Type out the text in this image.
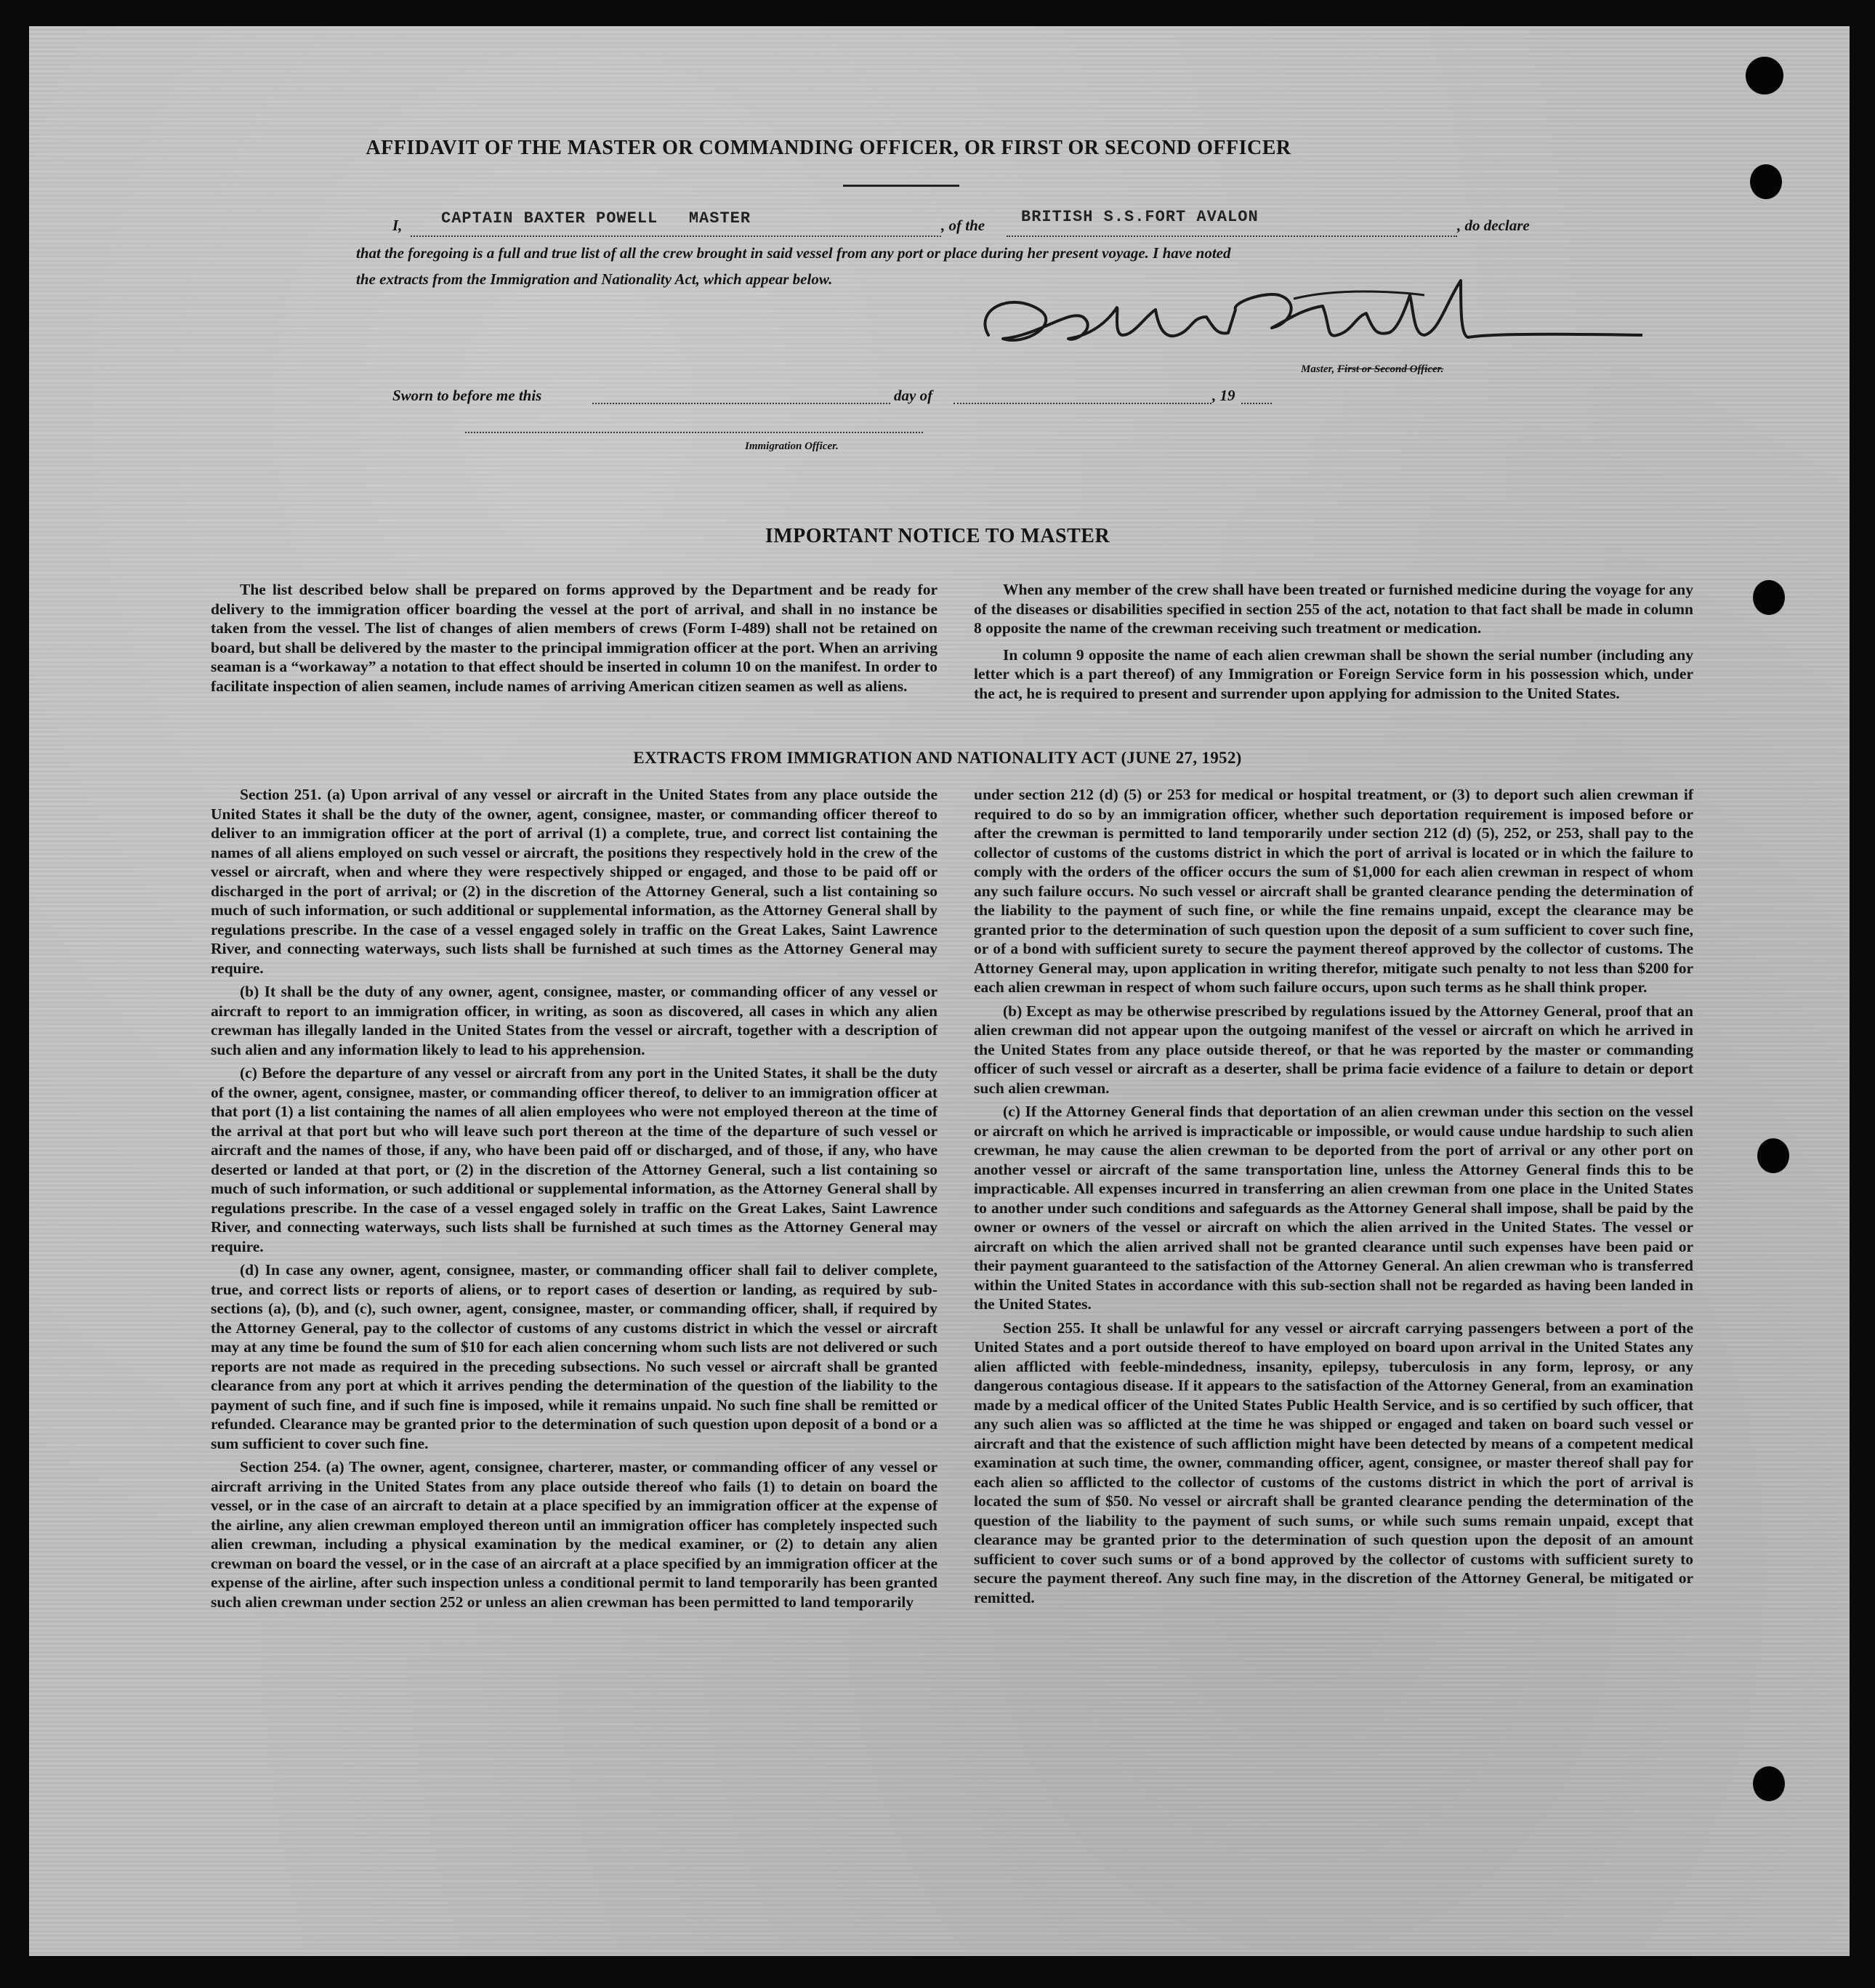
AFFIDAVIT OF THE MASTER OR COMMANDING OFFICER, OR FIRST OR SECOND OFFICER
I, CAPTAIN BAXTER POWELL   MASTER	, of the BRITISH S.S.FORT AVALON	, do declare
that the foregoing is a full and true list of all the crew brought in said vessel from any port or place during her present voyage. I have noted
the extracts from the Immigration and Nationality Act, which appear below.
Master, First or Second Officer.
Sworn to before me this	day of	, 19
Immigration Officer.
IMPORTANT NOTICE TO MASTER

The list described below shall be prepared on forms approved by the Department and be ready for delivery to the immigration officer boarding the vessel at the port of arrival, and shall in no instance be taken from the vessel. The list of changes of alien members of crews (Form I-489) shall not be retained on board, but shall be delivered by the master to the principal immigration officer at the port. When an arriving seaman is a “workaway” a notation to that effect should be inserted in column 10 on the manifest. In order to facilitate inspection of alien seamen, include names of arriving American citizen seamen as well as aliens.

When any member of the crew shall have been treated or furnished medicine during the voyage for any of the diseases or disabilities specified in section 255 of the act, notation to that fact shall be made in column 8 opposite the name of the crewman receiving such treatment or medication.

In column 9 opposite the name of each alien crewman shall be shown the serial number (including any letter which is a part thereof) of any Immigration or Foreign Service form in his possession which, under the act, he is required to present and surrender upon applying for admission to the United States.

EXTRACTS FROM IMMIGRATION AND NATIONALITY ACT (JUNE 27, 1952)

Section 251. (a) Upon arrival of any vessel or aircraft in the United States from any place outside the United States it shall be the duty of the owner, agent, consignee, master, or commanding officer thereof to deliver to an immigration officer at the port of arrival (1) a complete, true, and correct list containing the names of all aliens employed on such vessel or aircraft, the positions they respectively hold in the crew of the vessel or aircraft, when and where they were respectively shipped or engaged, and those to be paid off or discharged in the port of arrival; or (2) in the discretion of the Attorney General, such a list containing so much of such information, or such additional or supplemental information, as the Attorney General shall by regulations prescribe. In the case of a vessel engaged solely in traffic on the Great Lakes, Saint Lawrence River, and connecting waterways, such lists shall be furnished at such times as the Attorney General may require.

(b) It shall be the duty of any owner, agent, consignee, master, or commanding officer of any vessel or aircraft to report to an immigration officer, in writing, as soon as discovered, all cases in which any alien crewman has illegally landed in the United States from the vessel or aircraft, together with a description of such alien and any information likely to lead to his apprehension.

(c) Before the departure of any vessel or aircraft from any port in the United States, it shall be the duty of the owner, agent, consignee, master, or commanding officer thereof, to deliver to an immigration officer at that port (1) a list containing the names of all alien employees who were not employed thereon at the time of the arrival at that port but who will leave such port thereon at the time of the departure of such vessel or aircraft and the names of those, if any, who have been paid off or discharged, and of those, if any, who have deserted or landed at that port, or (2) in the discretion of the Attorney General, such a list containing so much of such information, or such additional or supplemental information, as the Attorney General shall by regulations prescribe. In the case of a vessel engaged solely in traffic on the Great Lakes, Saint Lawrence River, and connecting waterways, such lists shall be furnished at such times as the Attorney General may require.

(d) In case any owner, agent, consignee, master, or commanding officer shall fail to deliver complete, true, and correct lists or reports of aliens, or to report cases of desertion or landing, as required by sub-sections (a), (b), and (c), such owner, agent, consignee, master, or commanding officer, shall, if required by the Attorney General, pay to the collector of customs of any customs district in which the vessel or aircraft may at any time be found the sum of $10 for each alien concerning whom such lists are not delivered or such reports are not made as required in the preceding subsections. No such vessel or aircraft shall be granted clearance from any port at which it arrives pending the determination of the question of the liability to the payment of such fine, and if such fine is imposed, while it remains unpaid. No such fine shall be remitted or refunded. Clearance may be granted prior to the determination of such question upon deposit of a bond or a sum sufficient to cover such fine.

Section 254. (a) The owner, agent, consignee, charterer, master, or commanding officer of any vessel or aircraft arriving in the United States from any place outside thereof who fails (1) to detain on board the vessel, or in the case of an aircraft to detain at a place specified by an immigration officer at the expense of the airline, any alien crewman employed thereon until an immigration officer has completely inspected such alien crewman, including a physical examination by the medical examiner, or (2) to detain any alien crewman on board the vessel, or in the case of an aircraft at a place specified by an immigration officer at the expense of the airline, after such inspection unless a conditional permit to land temporarily has been granted such alien crewman under section 252 or unless an alien crewman has been permitted to land temporarily

under section 212 (d) (5) or 253 for medical or hospital treatment, or (3) to deport such alien crewman if required to do so by an immigration officer, whether such deportation requirement is imposed before or after the crewman is permitted to land temporarily under section 212 (d) (5), 252, or 253, shall pay to the collector of customs of the customs district in which the port of arrival is located or in which the failure to comply with the orders of the officer occurs the sum of $1,000 for each alien crewman in respect of whom any such failure occurs. No such vessel or aircraft shall be granted clearance pending the determination of the liability to the payment of such fine, or while the fine remains unpaid, except the clearance may be granted prior to the determination of such question upon the deposit of a sum sufficient to cover such fine, or of a bond with sufficient surety to secure the payment thereof approved by the collector of customs. The Attorney General may, upon application in writing therefor, mitigate such penalty to not less than $200 for each alien crewman in respect of whom such failure occurs, upon such terms as he shall think proper.

(b) Except as may be otherwise prescribed by regulations issued by the Attorney General, proof that an alien crewman did not appear upon the outgoing manifest of the vessel or aircraft on which he arrived in the United States from any place outside thereof, or that he was reported by the master or commanding officer of such vessel or aircraft as a deserter, shall be prima facie evidence of a failure to detain or deport such alien crewman.

(c) If the Attorney General finds that deportation of an alien crewman under this section on the vessel or aircraft on which he arrived is impracticable or impossible, or would cause undue hardship to such alien crewman, he may cause the alien crewman to be deported from the port of arrival or any other port on another vessel or aircraft of the same transportation line, unless the Attorney General finds this to be impracticable. All expenses incurred in transferring an alien crewman from one place in the United States to another under such conditions and safeguards as the Attorney General shall impose, shall be paid by the owner or owners of the vessel or aircraft on which the alien arrived in the United States. The vessel or aircraft on which the alien arrived shall not be granted clearance until such expenses have been paid or their payment guaranteed to the satisfaction of the Attorney General. An alien crewman who is transferred within the United States in accordance with this sub-section shall not be regarded as having been landed in the United States.

Section 255. It shall be unlawful for any vessel or aircraft carrying passengers between a port of the United States and a port outside thereof to have employed on board upon arrival in the United States any alien afflicted with feeble-mindedness, insanity, epilepsy, tuberculosis in any form, leprosy, or any dangerous contagious disease. If it appears to the satisfaction of the Attorney General, from an examination made by a medical officer of the United States Public Health Service, and is so certified by such officer, that any such alien was so afflicted at the time he was shipped or engaged and taken on board such vessel or aircraft and that the existence of such affliction might have been detected by means of a competent medical examination at such time, the owner, commanding officer, agent, consignee, or master thereof shall pay for each alien so afflicted to the collector of customs of the customs district in which the port of arrival is located the sum of $50. No vessel or aircraft shall be granted clearance pending the determination of the question of the liability to the payment of such sums, or while such sums remain unpaid, except that clearance may be granted prior to the determination of such question upon the deposit of an amount sufficient to cover such sums or of a bond approved by the collector of customs with sufficient surety to secure the payment thereof. Any such fine may, in the discretion of the Attorney General, be mitigated or remitted.
